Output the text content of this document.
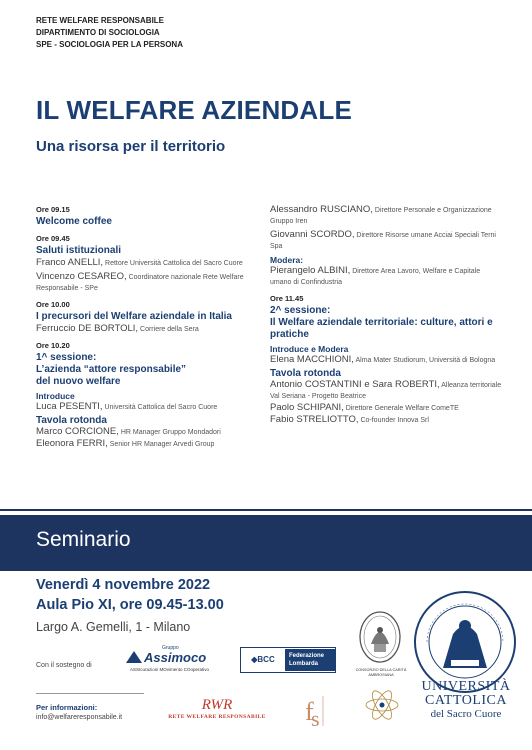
RETE WELFARE RESPONSABILE
DIPARTIMENTO DI SOCIOLOGIA
SPE - SOCIOLOGIA PER LA PERSONA
IL WELFARE AZIENDALE
Una risorsa per il territorio
Ore 09.15
Welcome coffee
Ore 09.45
Saluti istituzionali
Franco ANELLI, Rettore Università Cattolica del Sacro Cuore
Vincenzo CESAREO, Coordinatore nazionale Rete Welfare Responsabile - SPe
Ore 10.00
I precursori del Welfare aziendale in Italia
Ferruccio DE BORTOLI, Corriere della Sera
Ore 10.20
1^ sessione:
L’azienda “attore responsabile”
del nuovo welfare
Introduce
Luca PESENTI, Università Cattolica del Sacro Cuore
Tavola rotonda
Marco CORCIONE, HR Manager Gruppo Mondadori
Eleonora FERRI, Senior HR Manager Arvedi Group
Alessandro RUSCIANO, Direttore Personale e Organizzazione Gruppo Iren
Giovanni SCORDO, Direttore Risorse umane Acciai Speciali Terni Spa
Modera:
Pierangelo ALBINI, Direttore Area Lavoro, Welfare e Capitale umano di Confindustria
Ore 11.45
2^ sessione:
Il Welfare aziendale territoriale: culture, attori e pratiche
Introduce e Modera
Elena MACCHIONI, Alma Mater Studiorum, Università di Bologna
Tavola rotonda
Antonio COSTANTINI e Sara ROBERTI, Alleanza territoriale Val Seriana - Progetto Beatrice
Paolo SCHIPANI, Direttore Generale Welfare ComeTE
Fabio STRELIOTTO, Co-founder Innova Srl
Seminario
Venerdì 4 novembre 2022
Aula Pio XI, ore 09.45-13.00
Largo A. Gemelli, 1 - Milano
Con il sostegno di
Gruppo
Assimoco
ASSIcurazioni MOvimento COoperativo
◆BCC	Federazione
Lombarda
CONSORZIO DELLA CARITÀ AMBROSIANA
UNIVERSITÀ
CATTOLICA
del Sacro Cuore
Per informazioni:
info@welfareresponsabile.it
RWR
RETE WELFARE RESPONSABILE f
s
